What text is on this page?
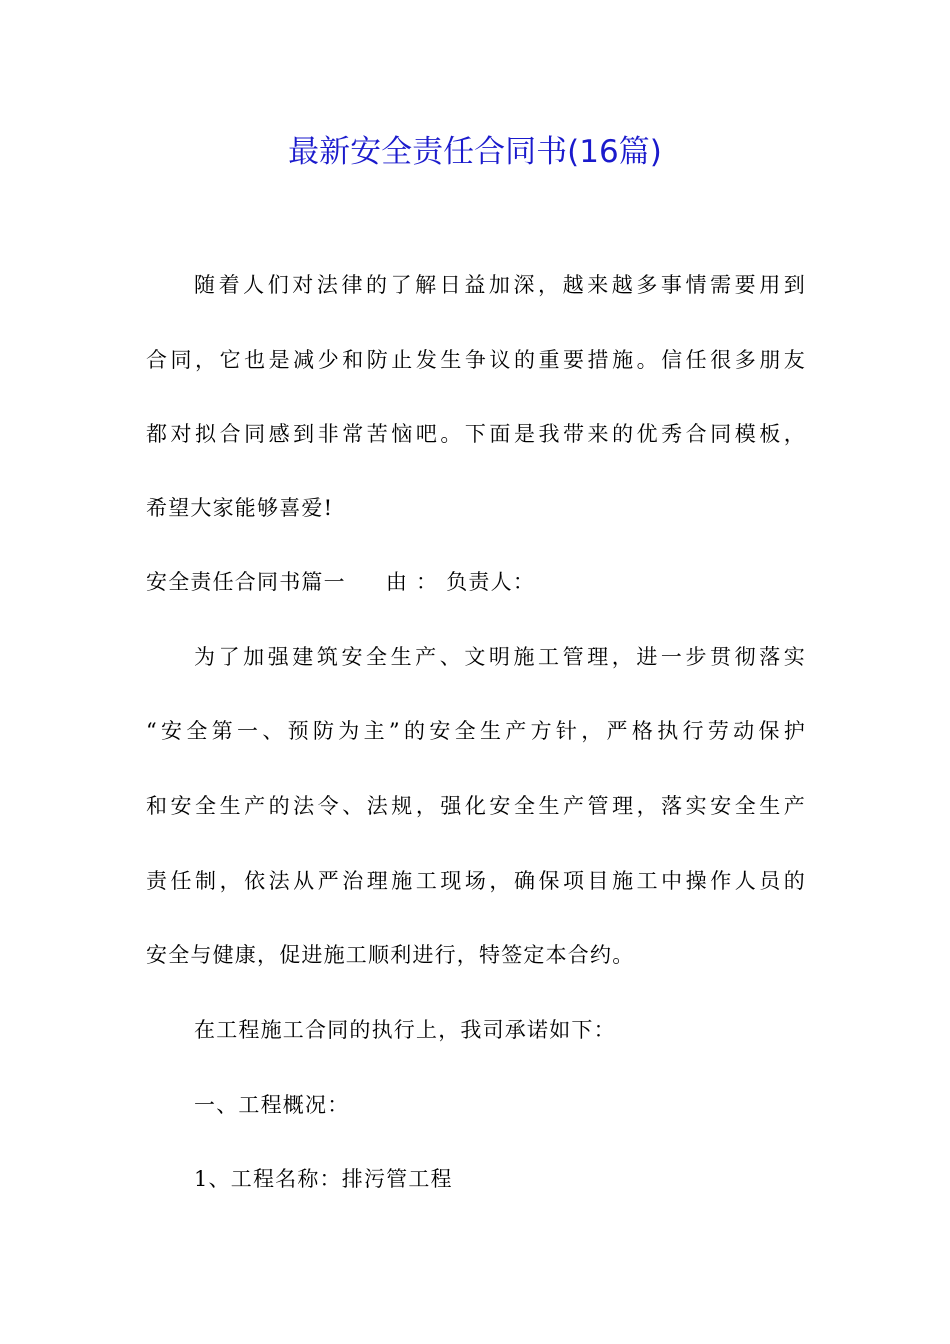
最新安全责任合同书(16篇)
随着人们对法律的了解日益加深，越来越多事情需要用到
合同，它也是减少和防止发生争议的重要措施。信任很多朋友
都对拟合同感到非常苦恼吧。下面是我带来的优秀合同模板，
希望大家能够喜爱!
安全责任合同书篇一 由 ： 负责人：
为了加强建筑安全生产、文明施工管理，进一步贯彻落实
“安全第一、预防为主”的安全生产方针，严格执行劳动保护
和安全生产的法令、法规，强化安全生产管理，落实安全生产
责任制，依法从严治理施工现场，确保项目施工中操作人员的
安全与健康，促进施工顺利进行，特签定本合约。
在工程施工合同的执行上，我司承诺如下：
一、工程概况：
1、工程名称：排污管工程
